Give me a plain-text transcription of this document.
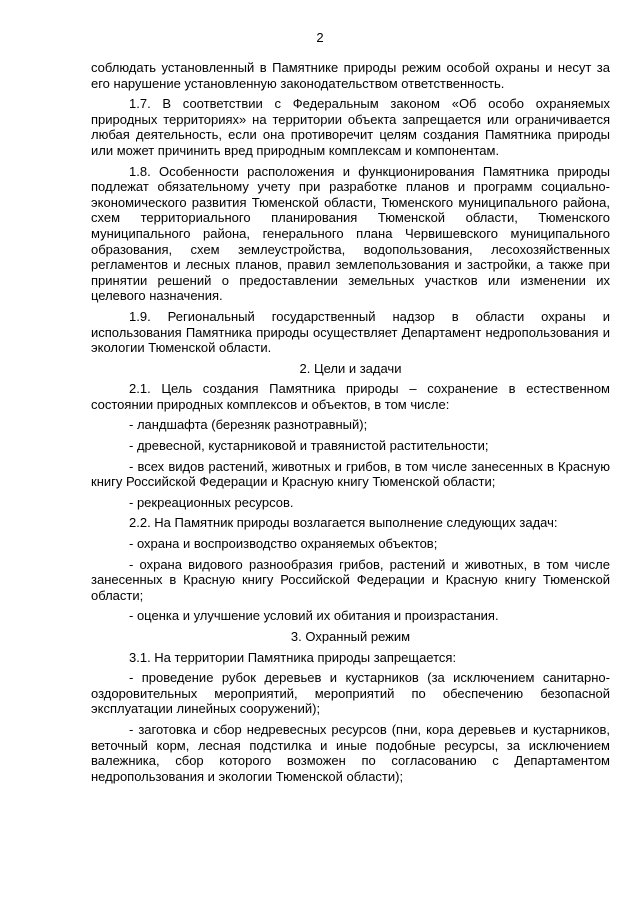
2

соблюдать установленный в Памятнике природы режим особой охраны и несут за его нарушение установленную законодательством ответственность.

1.7. В соответствии с Федеральным законом «Об особо охраняемых природных территориях» на территории объекта запрещается или ограничивается любая деятельность, если она противоречит целям создания Памятника природы или может причинить вред природным комплексам и компонентам.

1.8. Особенности расположения и функционирования Памятника природы подлежат обязательному учету при разработке планов и программ социально-экономического развития Тюменской области, Тюменского муниципального района, схем территориального планирования Тюменской области, Тюменского муниципального района, генерального плана Червишевского муниципального образования, схем землеустройства, водопользования, лесохозяйственных регламентов и лесных планов, правил землепользования и застройки, а также при принятии решений о предоставлении земельных участков или изменении их целевого назначения.

1.9. Региональный государственный надзор в области охраны и использования Памятника природы осуществляет Департамент недропользования и экологии Тюменской области.

2. Цели и задачи

2.1. Цель создания Памятника природы – сохранение в естественном состоянии природных комплексов и объектов, в том числе:

- ландшафта (березняк разнотравный);

- древесной, кустарниковой и травянистой растительности;

- всех видов растений, животных и грибов, в том числе занесенных в Красную книгу Российской Федерации и Красную книгу Тюменской области;

- рекреационных ресурсов.

2.2. На Памятник природы возлагается выполнение следующих задач:

- охрана и воспроизводство охраняемых объектов;

- охрана видового разнообразия грибов, растений и животных, в том числе занесенных в Красную книгу Российской Федерации и Красную книгу Тюменской области;

- оценка и улучшение условий их обитания и произрастания.

3. Охранный режим

3.1. На территории Памятника природы запрещается:

- проведение рубок деревьев и кустарников (за исключением санитарно-оздоровительных мероприятий, мероприятий по обеспечению безопасной эксплуатации линейных сооружений);

- заготовка и сбор недревесных ресурсов (пни, кора деревьев и кустарников, веточный корм, лесная подстилка и иные подобные ресурсы, за исключением валежника, сбор которого возможен по согласованию с Департаментом недропользования и экологии Тюменской области);
